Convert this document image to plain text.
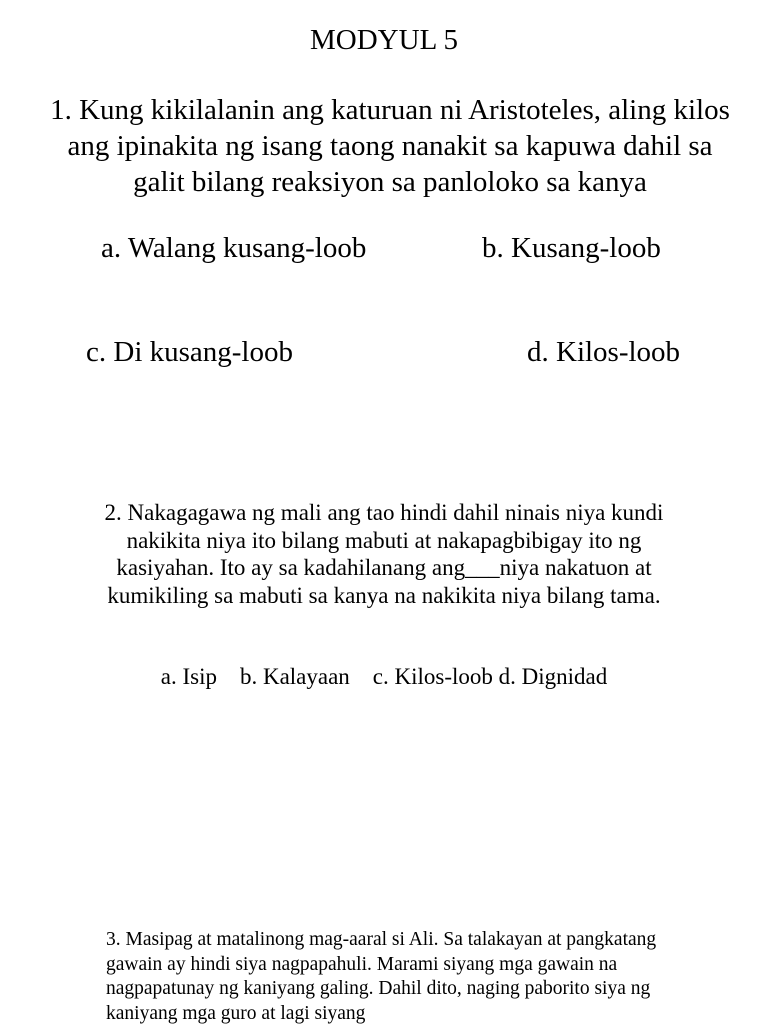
MODYUL 5

1. Kung kikilalanin ang katuruan ni Aristoteles, aling kilos ang ipinakita ng isang taong nanakit sa kapuwa dahil sa galit bilang reaksiyon sa panloloko sa kanya

a. Walang kusang-loob	b. Kusang-loob
c. Di kusang-loob	d. Kilos-loob

2. Nakagagawa ng mali ang tao hindi dahil ninais niya kundi nakikita niya ito bilang mabuti at nakapagbibigay ito ng kasiyahan. Ito ay sa kadahilanang ang___niya nakatuon at kumikiling sa mabuti sa kanya na nakikita niya bilang tama.

a. Isip    b. Kalayaan    c. Kilos-loob d. Dignidad

3. Masipag at matalinong mag-aaral si Ali. Sa talakayan at pangkatang gawain ay hindi siya nagpapahuli. Marami siyang mga gawain na nagpapatunay ng kaniyang galing. Dahil dito, naging paborito siya ng kaniyang mga guro at lagi siyang
